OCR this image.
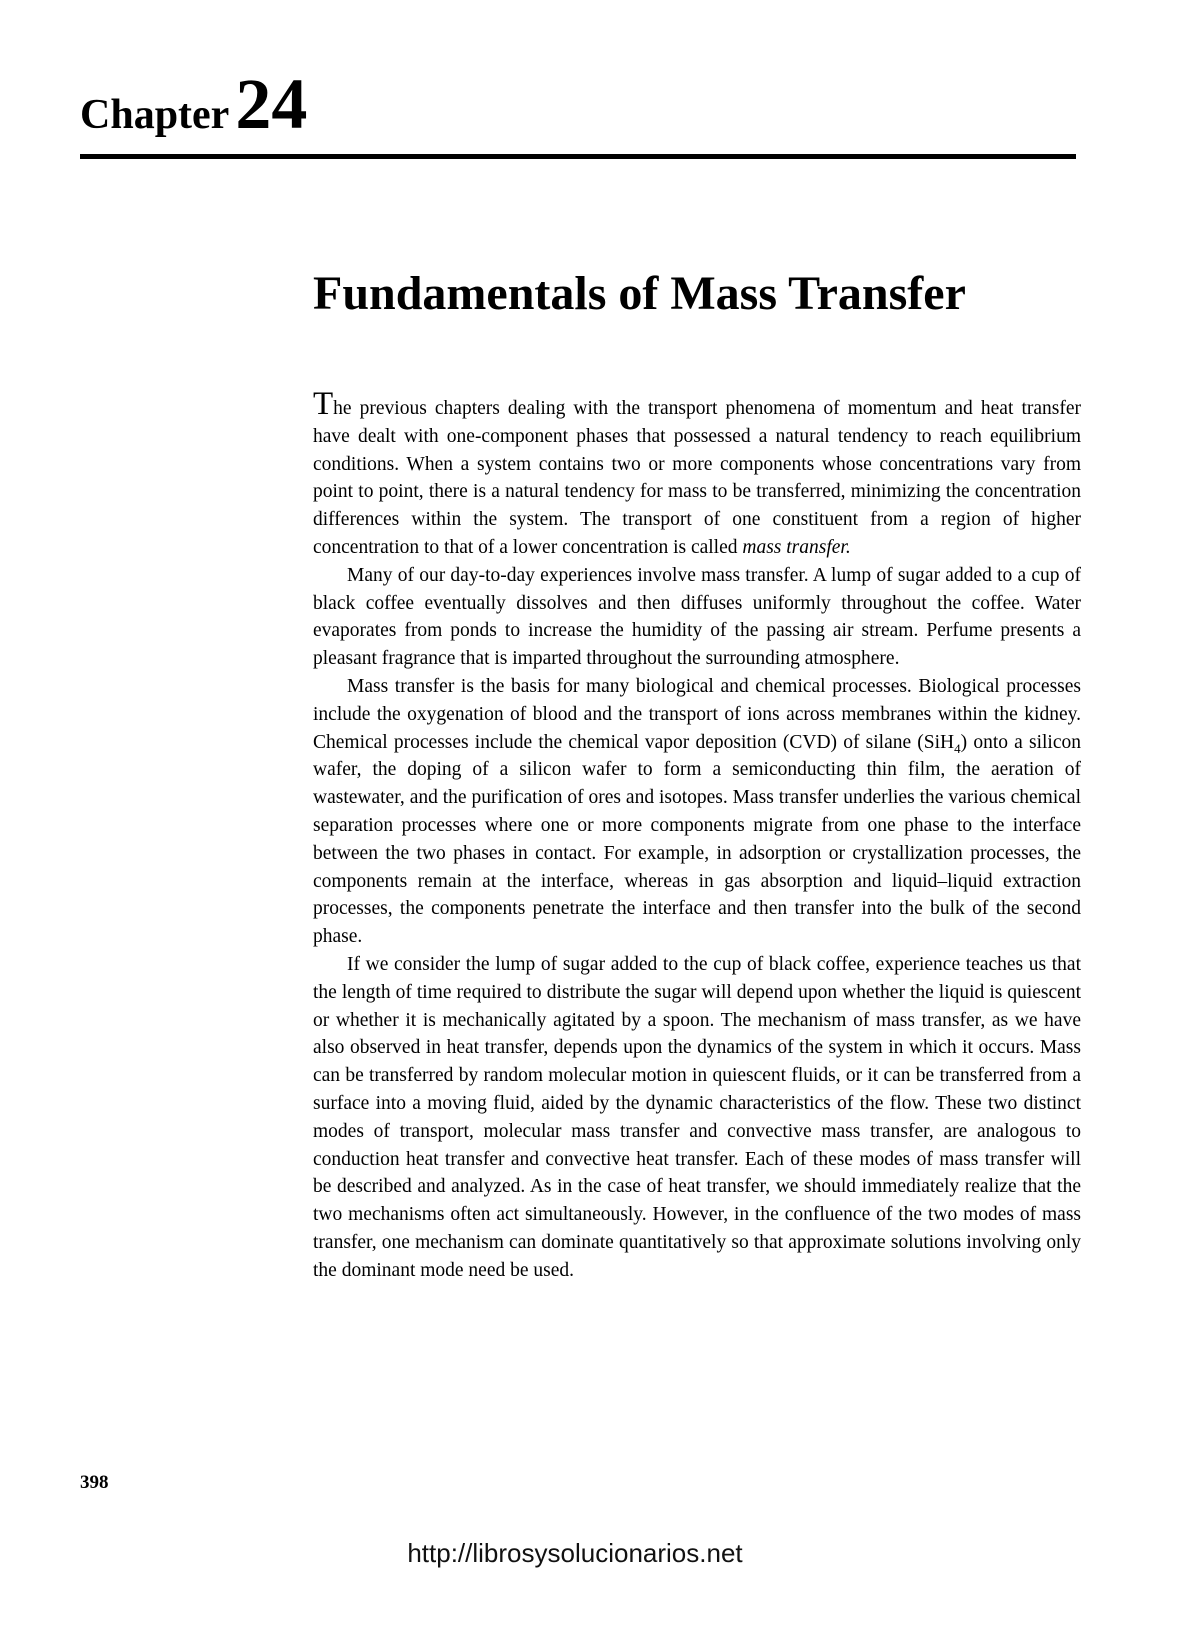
Chapter24
Fundamentals of Mass Transfer

The previous chapters dealing with the transport phenomena of momentum and heat transfer have dealt with one-component phases that possessed a natural tendency to reach equilibrium conditions. When a system contains two or more components whose concentrations vary from point to point, there is a natural tendency for mass to be transferred, minimizing the concentration differences within the system. The transport of one constituent from a region of higher concentration to that of a lower concentration is called mass transfer.

Many of our day-to-day experiences involve mass transfer. A lump of sugar added to a cup of black coffee eventually dissolves and then diffuses uniformly throughout the coffee. Water evaporates from ponds to increase the humidity of the passing air stream. Perfume presents a pleasant fragrance that is imparted throughout the surrounding atmosphere.

Mass transfer is the basis for many biological and chemical processes. Biological processes include the oxygenation of blood and the transport of ions across membranes within the kidney. Chemical processes include the chemical vapor deposition (CVD) of silane (SiH$_4$) onto a silicon wafer, the doping of a silicon wafer to form a semiconducting thin film, the aeration of wastewater, and the purification of ores and isotopes. Mass transfer underlies the various chemical separation processes where one or more components migrate from one phase to the interface between the two phases in contact. For example, in adsorption or crystallization processes, the components remain at the interface, whereas in gas absorption and liquid–liquid extraction processes, the components penetrate the interface and then transfer into the bulk of the second phase.

If we consider the lump of sugar added to the cup of black coffee, experience teaches us that the length of time required to distribute the sugar will depend upon whether the liquid is quiescent or whether it is mechanically agitated by a spoon. The mechanism of mass transfer, as we have also observed in heat transfer, depends upon the dynamics of the system in which it occurs. Mass can be transferred by random molecular motion in quiescent fluids, or it can be transferred from a surface into a moving fluid, aided by the dynamic characteristics of the flow. These two distinct modes of transport, molecular mass transfer and convective mass transfer, are analogous to conduction heat transfer and convective heat transfer. Each of these modes of mass transfer will be described and analyzed. As in the case of heat transfer, we should immediately realize that the two mechanisms often act simultaneously. However, in the confluence of the two modes of mass transfer, one mechanism can dominate quantitatively so that approximate solutions involving only the dominant mode need be used.

398
http://librosysolucionarios.net
